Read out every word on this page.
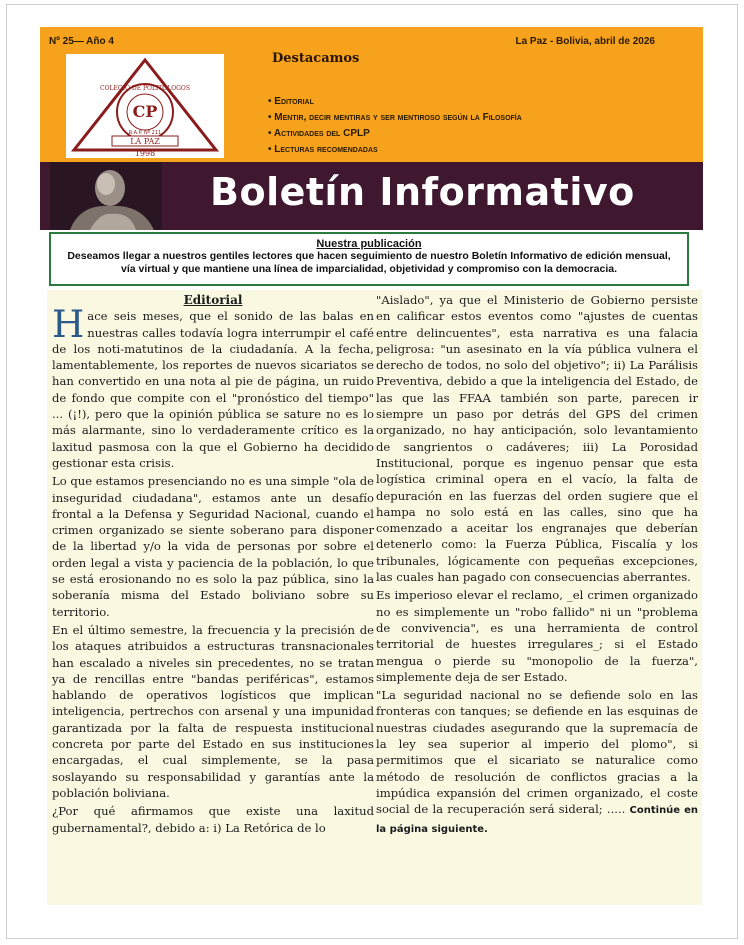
Nº 25— Año 4	La Paz - Bolivia, abril de 2026
CP
COLEGIO DE POLITÓLOGOS
R.A.P. Nº 211
LA PAZ
1998
Destacamos
• Editorial
• Mentir, decir mentiras y ser mentiroso según la Filosofía
• Actividades del CPLP
• Lecturas recomendadas
Boletín Informativo
Nuestra publicación
Deseamos llegar a nuestros gentiles lectores que hacen seguimiento de nuestro Boletín Informativo de edición mensual, vía virtual y que mantiene una línea de imparcialidad, objetividad y compromiso con la democracia.
Editorial

Hace seis meses, que el sonido de las balas en nuestras calles todavía logra interrumpir el café de los noti-matutinos de la ciudadanía. A la fecha, lamentablemente, los reportes de nuevos sicariatos se han convertido en una nota al pie de página, un ruido de fondo que compite con el "pronóstico del tiempo" ... (¡!), pero que la opinión pública se sature no es lo más alarmante, sino lo verdaderamente crítico es la laxitud pasmosa con la que el Gobierno ha decidido gestionar esta crisis.

Lo que estamos presenciando no es una simple "ola de inseguridad ciudadana", estamos ante un desafío frontal a la Defensa y Seguridad Nacional, cuando el crimen organizado se siente soberano para disponer de la libertad y/o la vida de personas por sobre el orden legal a vista y paciencia de la población, lo que se está erosionando no es solo la paz pública, sino la soberanía misma del Estado boliviano sobre su territorio.

En el último semestre, la frecuencia y la precisión de los ataques atribuidos a estructuras transnacionales han escalado a niveles sin precedentes, no se tratan ya de rencillas entre "bandas periféricas", estamos hablando de operativos logísticos que implican inteligencia, pertrechos con arsenal y una impunidad garantizada por la falta de respuesta institucional concreta por parte del Estado en sus instituciones encargadas, el cual simplemente, se la pasa soslayando su responsabilidad y garantías ante la población boliviana.

¿Por qué afirmamos que existe una laxitud gubernamental?, debido a: i) La Retórica de lo

"Aislado", ya que el Ministerio de Gobierno persiste en calificar estos eventos como "ajustes de cuentas entre delincuentes", esta narrativa es una falacia peligrosa: "un asesinato en la vía pública vulnera el derecho de todos, no solo del objetivo"; ii) La Parálisis Preventiva, debido a que la inteligencia del Estado, de las que las FFAA también son parte, parecen ir siempre un paso por detrás del GPS del crimen organizado, no hay anticipación, solo levantamiento de sangrientos o cadáveres; iii) La Porosidad Institucional, porque es ingenuo pensar que esta logística criminal opera en el vacío, la falta de depuración en las fuerzas del orden sugiere que el hampa no solo está en las calles, sino que ha comenzado a aceitar los engranajes que deberían detenerlo como: la Fuerza Pública, Fiscalía y los tribunales, lógicamente con pequeñas excepciones, las cuales han pagado con consecuencias aberrantes.

Es imperioso elevar el reclamo, _el crimen organizado no es simplemente un "robo fallido" ni un "problema de convivencia", es una herramienta de control territorial de huestes irregulares_; si el Estado mengua o pierde su "monopolio de la fuerza", simplemente deja de ser Estado.

"La seguridad nacional no se defiende solo en las fronteras con tanques; se defiende en las esquinas de nuestras ciudades asegurando que la supremacía de la ley sea superior al imperio del plomo", si permitimos que el sicariato se naturalice como método de resolución de conflictos gracias a la impúdica expansión del crimen organizado, el coste social de la recuperación será sideral; ..... Continúe en la página siguiente.
